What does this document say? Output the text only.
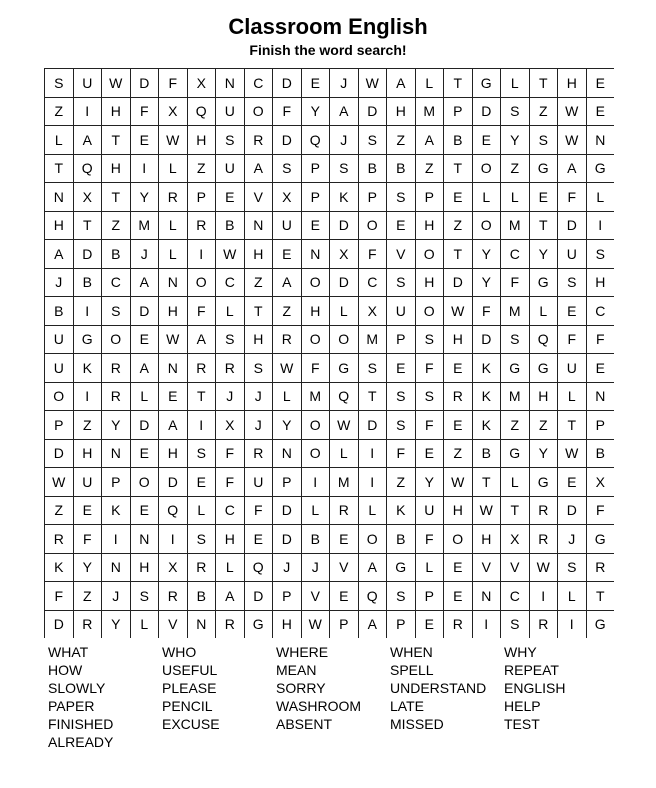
Classroom English
Finish the word search!
S	U	W	D	F	X	N	C	D	E	J	W	A	L	T	G	L	T	H	E
Z	I	H	F	X	Q	U	O	F	Y	A	D	H	M	P	D	S	Z	W	E
L	A	T	E	W	H	S	R	D	Q	J	S	Z	A	B	E	Y	S	W	N
T	Q	H	I	L	Z	U	A	S	P	S	B	B	Z	T	O	Z	G	A	G
N	X	T	Y	R	P	E	V	X	P	K	P	S	P	E	L	L	E	F	L
H	T	Z	M	L	R	B	N	U	E	D	O	E	H	Z	O	M	T	D	I
A	D	B	J	L	I	W	H	E	N	X	F	V	O	T	Y	C	Y	U	S
J	B	C	A	N	O	C	Z	A	O	D	C	S	H	D	Y	F	G	S	H
B	I	S	D	H	F	L	T	Z	H	L	X	U	O	W	F	M	L	E	C
U	G	O	E	W	A	S	H	R	O	O	M	P	S	H	D	S	Q	F	F
U	K	R	A	N	R	R	S	W	F	G	S	E	F	E	K	G	G	U	E
O	I	R	L	E	T	J	J	L	M	Q	T	S	S	R	K	M	H	L	N
P	Z	Y	D	A	I	X	J	Y	O	W	D	S	F	E	K	Z	Z	T	P
D	H	N	E	H	S	F	R	N	O	L	I	F	E	Z	B	G	Y	W	B
W	U	P	O	D	E	F	U	P	I	M	I	Z	Y	W	T	L	G	E	X
Z	E	K	E	Q	L	C	F	D	L	R	L	K	U	H	W	T	R	D	F
R	F	I	N	I	S	H	E	D	B	E	O	B	F	O	H	X	R	J	G
K	Y	N	H	X	R	L	Q	J	J	V	A	G	L	E	V	V	W	S	R
F	Z	J	S	R	B	A	D	P	V	E	Q	S	P	E	N	C	I	L	T
D	R	Y	L	V	N	R	G	H	W	P	A	P	E	R	I	S	R	I	G
WHAT	WHO	WHERE	WHEN	WHY
HOW	USEFUL	MEAN	SPELL	REPEAT
SLOWLY	PLEASE	SORRY	UNDERSTAND	ENGLISH
PAPER	PENCIL	WASHROOM	LATE	HELP
FINISHED	EXCUSE	ABSENT	MISSED	TEST
ALREADY
